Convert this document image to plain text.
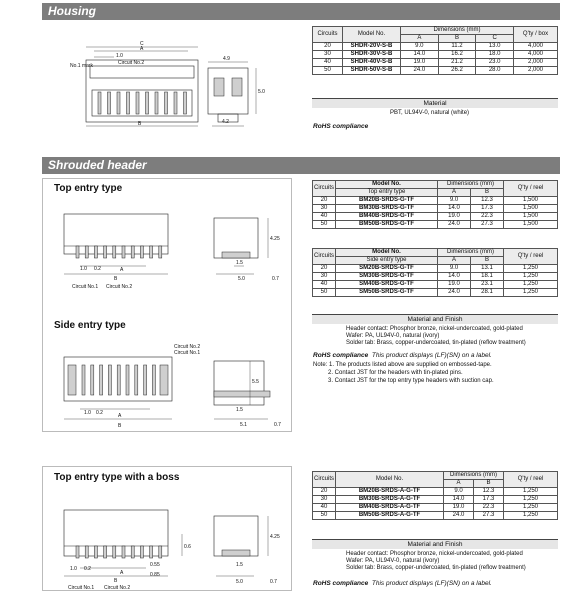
Housing
C
A
1.0
No.1 mark	Circuit No.2
B
4.9
5.0
4.2
Circuits	Model No.	Dimensions (mm)			Q'ty / box
		A	B	C	
20	SHDR-20V-S-B	9.0	11.2	13.0	4,000
30	SHDR-30V-S-B	14.0	16.2	18.0	4,000
40	SHDR-40V-S-B	19.0	21.2	23.0	2,000
50	SHDR-50V-S-B	24.0	26.2	28.0	2,000
Material
PBT, UL94V-0, natural (white)
RoHS compliance
Shrouded header
Top entry type
1.0 0.2	A
B
Circuit No.1 Circuit No.2
4.25
1.5
5.0	0.7
Side entry type
Circuit No.2
Circuit No.1
1.0 0.2	A
B
5.5
1.5
5.1	0.7
Circuits	Model No.	Dimensions (mm)		Q'ty / reel
	Top entry type	A	B	
20	BM20B-SRDS-G-TF	9.0	12.3	1,500
30	BM30B-SRDS-G-TF	14.0	17.3	1,500
40	BM40B-SRDS-G-TF	19.0	22.3	1,500
50	BM50B-SRDS-G-TF	24.0	27.3	1,500
Circuits	Model No.	Dimensions (mm)		Q'ty / reel
	Side entry type	A	B	
20	SM20B-SRDS-G-TF	9.0	13.1	1,250
30	SM30B-SRDS-G-TF	14.0	18.1	1,250
40	SM40B-SRDS-G-TF	19.0	23.1	1,250
50	SM50B-SRDS-G-TF	24.0	28.1	1,250
Material and Finish
Header contact: Phosphor bronze, nickel-undercoated, gold-plated
Wafer: PA, UL94V-0, natural (ivory)
Solder tab: Brass, copper-undercoated, tin-plated (reflow treatment)
RoHS compliance This product displays (LF)(SN) on a label.
Note: 1. The products listed above are supplied on embossed-tape.
2. Contact JST for the headers with tin-plated pins.
3. Contact JST for the top entry type headers with suction cap.
Top entry type with a boss
1.0 0.2
A
B
0.55
0.85
Circuit No.1 Circuit No.2
0.6
4.25
1.5
5.0	0.7
Circuits	Model No.	Dimensions (mm)		Q'ty / reel
		A	B	
20	BM20B-SRDS-A-G-TF	9.0	12.3	1,250
30	BM30B-SRDS-A-G-TF	14.0	17.3	1,250
40	BM40B-SRDS-A-G-TF	19.0	22.3	1,250
50	BM50B-SRDS-A-G-TF	24.0	27.3	1,250
Material and Finish
Header contact: Phosphor bronze, nickel-undercoated, gold-plated
Wafer: PA, UL94V-0, natural (ivory)
Solder tab: Brass, copper-undercoated, tin-plated (reflow treatment)
RoHS compliance This product displays (LF)(SN) on a label.
